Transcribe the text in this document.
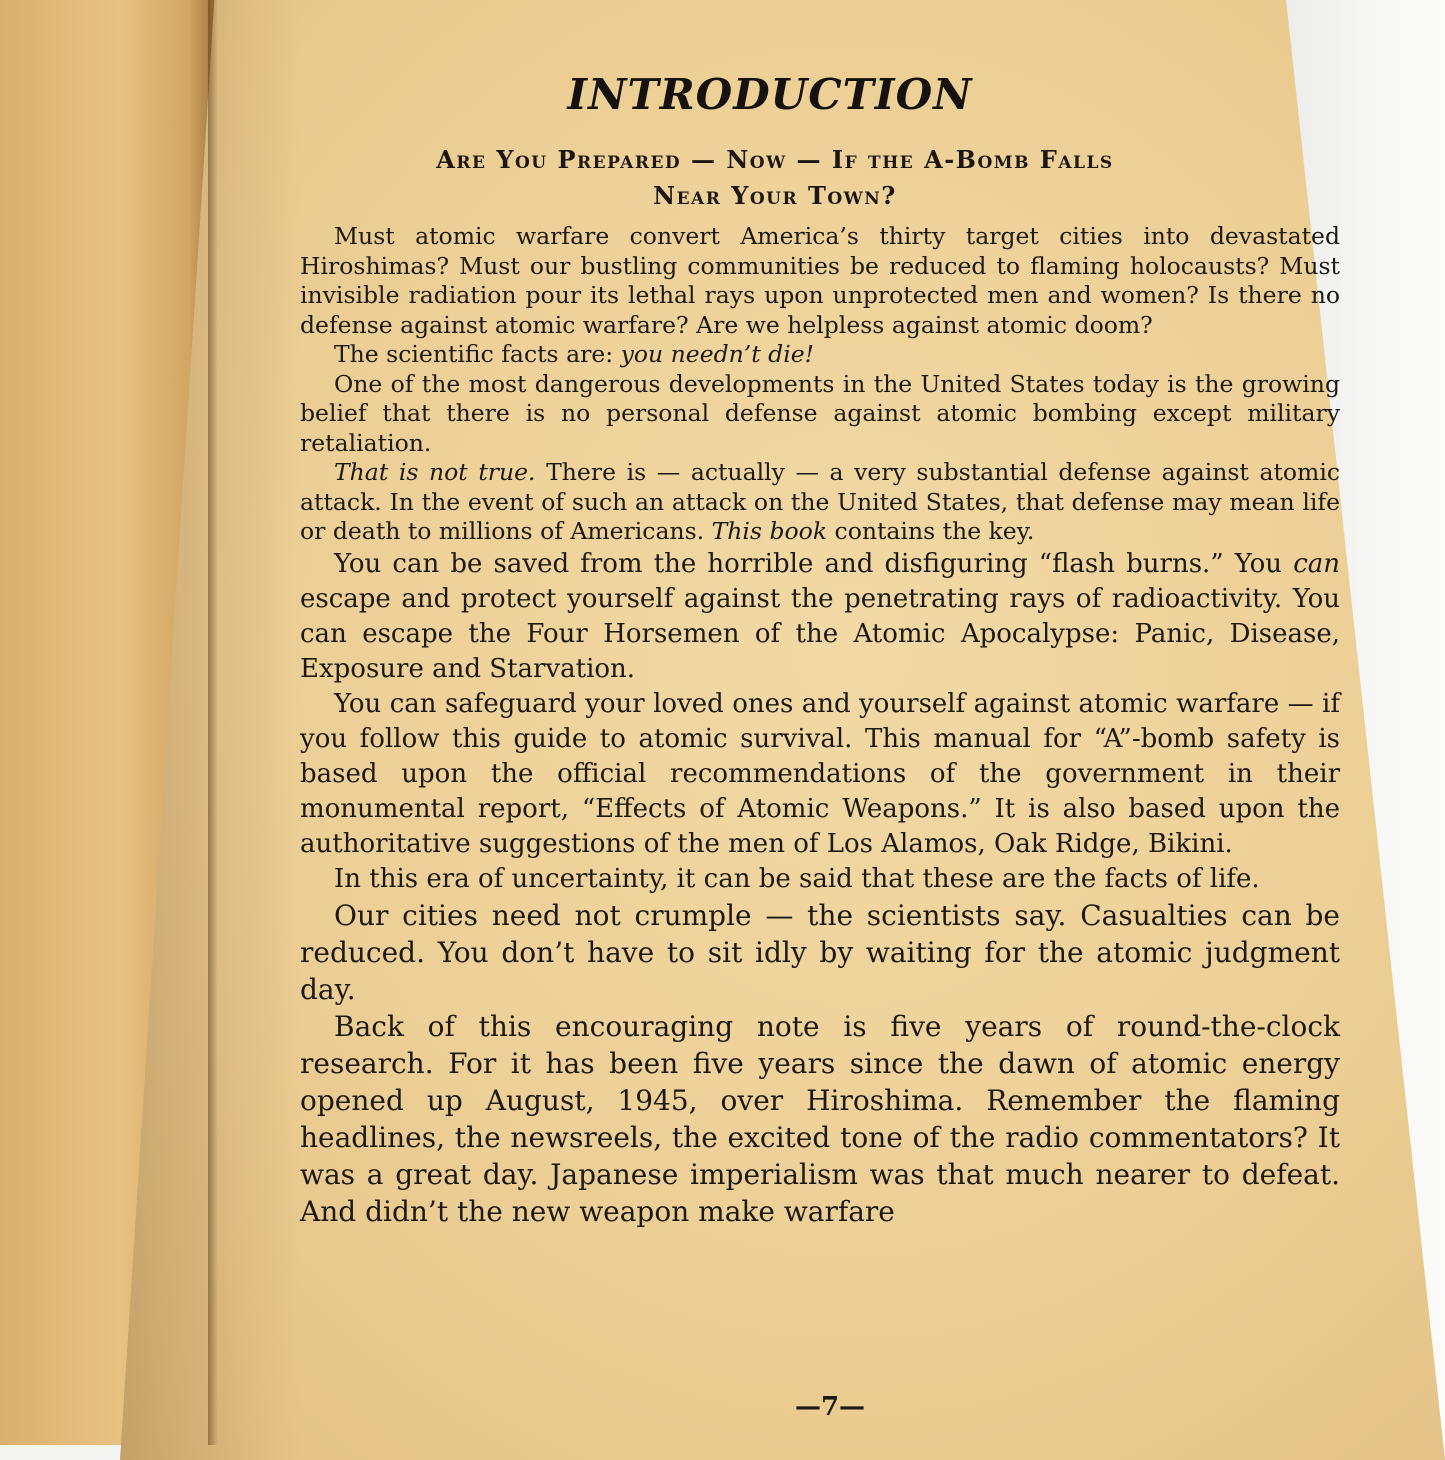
INTRODUCTION
Are You Prepared — Now — If the A-Bomb Falls
Near Your Town?

Must atomic warfare convert America’s thirty target cities into devastated Hiroshimas? Must our bustling communities be reduced to flaming holocausts? Must invisible radiation pour its lethal rays upon unprotected men and women? Is there no defense against atomic warfare? Are we helpless against atomic doom?

The scientific facts are: you needn’t die!

One of the most dangerous developments in the United States today is the growing belief that there is no personal defense against atomic bombing except military retaliation.

That is not true. There is — actually — a very substantial defense against atomic attack. In the event of such an attack on the United States, that defense may mean life or death to millions of Americans. This book contains the key.

You can be saved from the horrible and disfiguring “flash burns.” You can escape and protect yourself against the penetrating rays of radioactivity. You can escape the Four Horsemen of the Atomic Apocalypse: Panic, Disease, Exposure and Starvation.

You can safeguard your loved ones and yourself against atomic warfare — if you follow this guide to atomic survival. This manual for “A”-bomb safety is based upon the official recommendations of the government in their monumental report, “Effects of Atomic Weapons.” It is also based upon the authoritative suggestions of the men of Los Alamos, Oak Ridge, Bikini.

In this era of uncertainty, it can be said that these are the facts of life.

Our cities need not crumple — the scientists say. Casualties can be reduced. You don’t have to sit idly by waiting for the atomic judgment day.

Back of this encouraging note is five years of round-the-clock research. For it has been five years since the dawn of atomic energy opened up August, 1945, over Hiroshima. Remember the flaming headlines, the newsreels, the excited tone of the radio commentators? It was a great day. Japanese imperialism was that much nearer to defeat. And didn’t the new weapon make warfare

—7—
